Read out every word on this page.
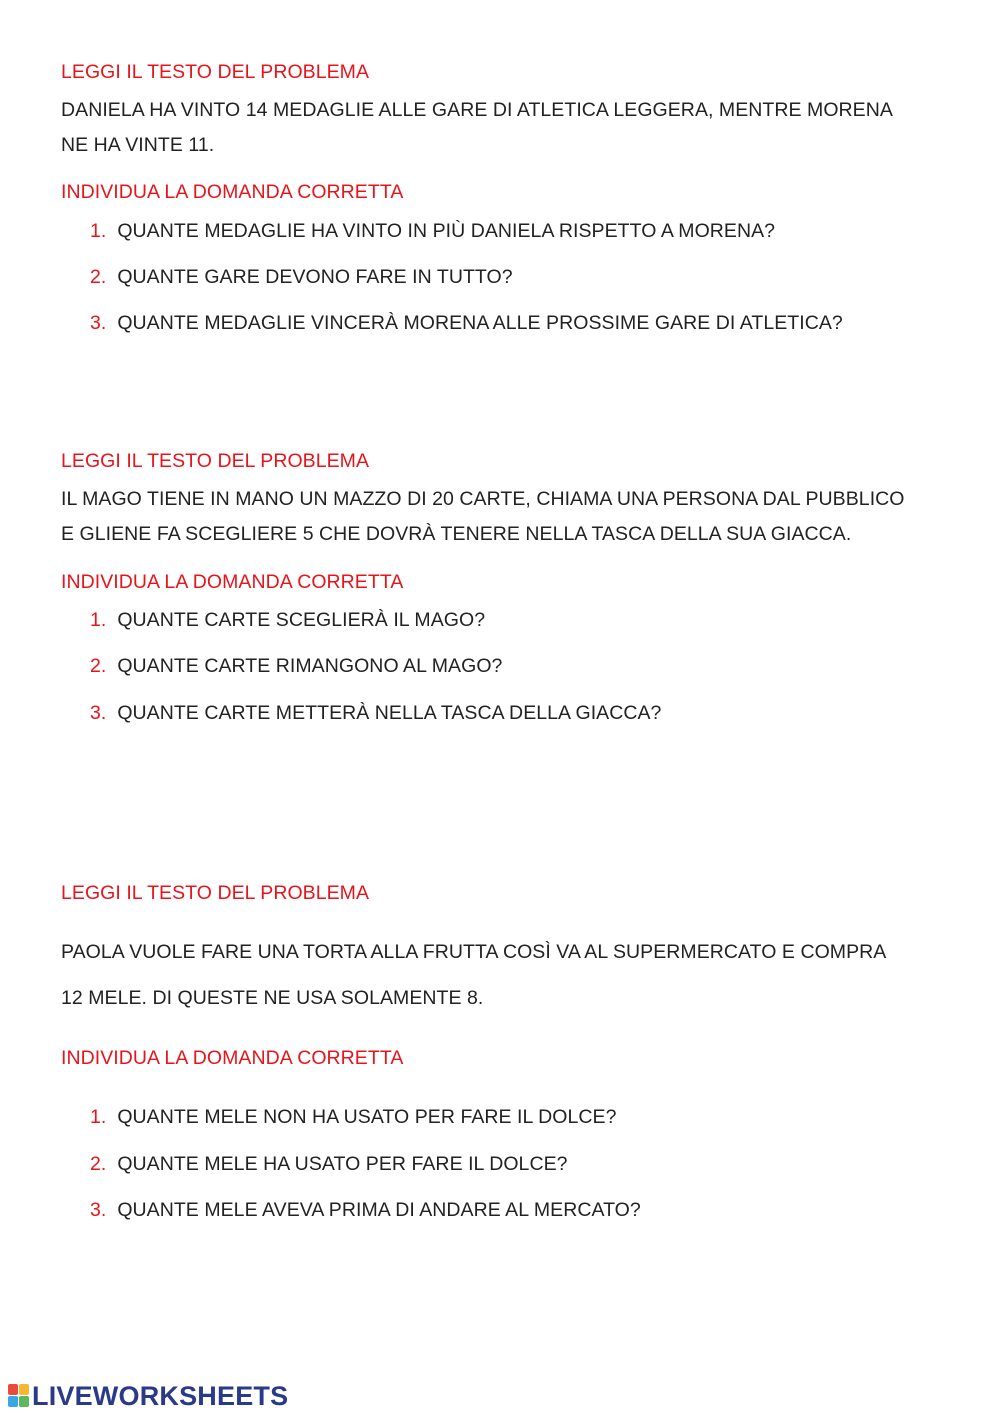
LEGGI IL TESTO DEL PROBLEMA
DANIELA HA VINTO 14 MEDAGLIE ALLE GARE DI ATLETICA LEGGERA, MENTRE MORENA
NE HA VINTE 11.
INDIVIDUA LA DOMANDA CORRETTA
1. QUANTE MEDAGLIE HA VINTO IN PIÙ DANIELA RISPETTO A MORENA?
2. QUANTE GARE DEVONO FARE IN TUTTO?
3. QUANTE MEDAGLIE VINCERÀ MORENA ALLE PROSSIME GARE DI ATLETICA?
LEGGI IL TESTO DEL PROBLEMA
IL MAGO TIENE IN MANO UN MAZZO DI 20 CARTE, CHIAMA UNA PERSONA DAL PUBBLICO
E GLIENE FA SCEGLIERE 5 CHE DOVRÀ TENERE NELLA TASCA DELLA SUA GIACCA.
INDIVIDUA LA DOMANDA CORRETTA
1. QUANTE CARTE SCEGLIERÀ IL MAGO?
2. QUANTE CARTE RIMANGONO AL MAGO?
3. QUANTE CARTE METTERÀ NELLA TASCA DELLA GIACCA?
LEGGI IL TESTO DEL PROBLEMA
PAOLA VUOLE FARE UNA TORTA ALLA FRUTTA COSÌ VA AL SUPERMERCATO E COMPRA
12 MELE. DI QUESTE NE USA SOLAMENTE 8.
INDIVIDUA LA DOMANDA CORRETTA
1. QUANTE MELE NON HA USATO PER FARE IL DOLCE?
2. QUANTE MELE HA USATO PER FARE IL DOLCE?
3. QUANTE MELE AVEVA PRIMA DI ANDARE AL MERCATO?
LIVEWORKSHEETS
